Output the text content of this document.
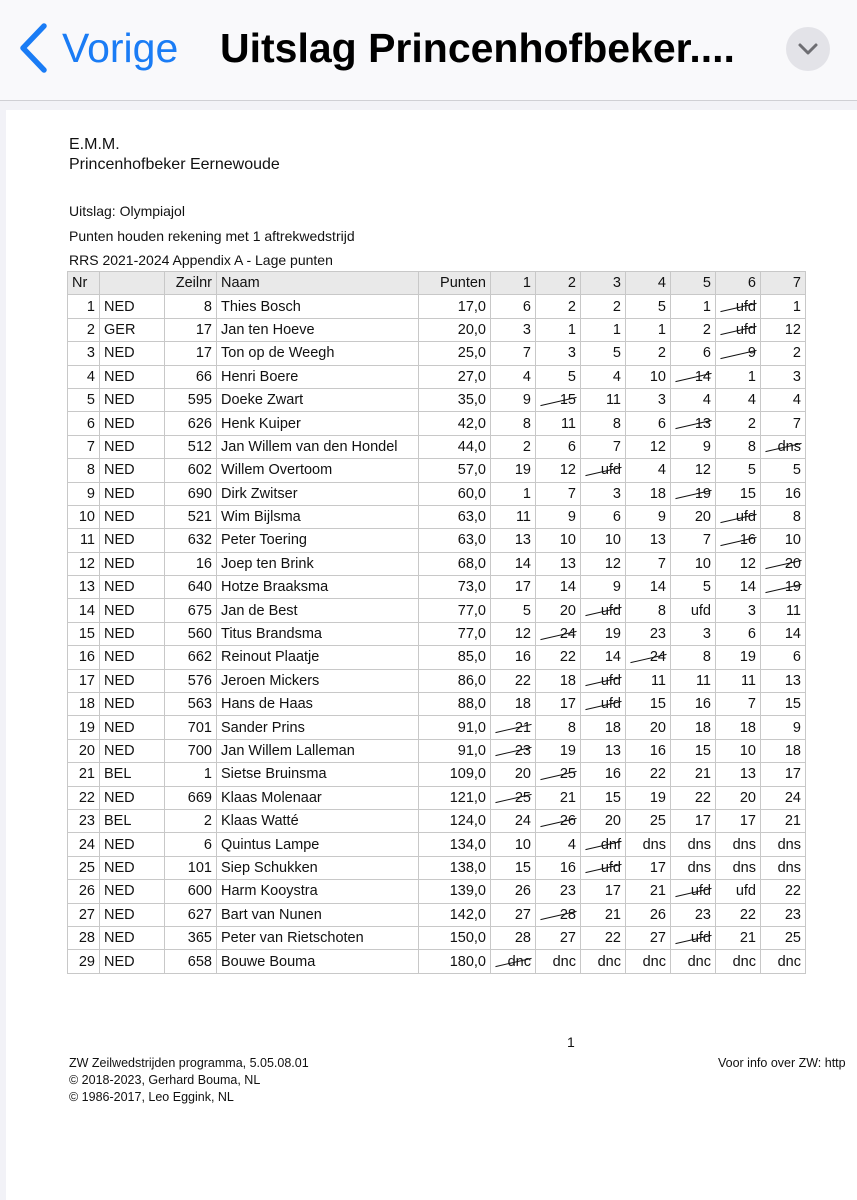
Vorige Uitslag Princenhofbeker....
E.M.M.
Princenhofbeker Eernewoude
Uitslag: Olympiajol
Punten houden rekening met 1 aftrekwedstrijd
RRS 2021-2024 Appendix A - Lage punten
Nr		Zeilnr	Naam	Punten	1	2	3	4	5	6	7
1	NED	8	Thies Bosch	17,0	6	2	2	5	1	ufd	1
2	GER	17	Jan ten Hoeve	20,0	3	1	1	1	2	ufd	12
3	NED	17	Ton op de Weegh	25,0	7	3	5	2	6	9	2
4	NED	66	Henri Boere	27,0	4	5	4	10	14	1	3
5	NED	595	Doeke Zwart	35,0	9	15	11	3	4	4	4
6	NED	626	Henk Kuiper	42,0	8	11	8	6	13	2	7
7	NED	512	Jan Willem van den Hondel	44,0	2	6	7	12	9	8	dns
8	NED	602	Willem Overtoom	57,0	19	12	ufd	4	12	5	5
9	NED	690	Dirk Zwitser	60,0	1	7	3	18	19	15	16
10	NED	521	Wim Bijlsma	63,0	11	9	6	9	20	ufd	8
11	NED	632	Peter Toering	63,0	13	10	10	13	7	16	10
12	NED	16	Joep ten Brink	68,0	14	13	12	7	10	12	20
13	NED	640	Hotze Braaksma	73,0	17	14	9	14	5	14	19
14	NED	675	Jan de Best	77,0	5	20	ufd	8	ufd	3	11
15	NED	560	Titus Brandsma	77,0	12	24	19	23	3	6	14
16	NED	662	Reinout Plaatje	85,0	16	22	14	24	8	19	6
17	NED	576	Jeroen Mickers	86,0	22	18	ufd	11	11	11	13
18	NED	563	Hans de Haas	88,0	18	17	ufd	15	16	7	15
19	NED	701	Sander Prins	91,0	21	8	18	20	18	18	9
20	NED	700	Jan Willem Lalleman	91,0	23	19	13	16	15	10	18
21	BEL	1	Sietse Bruinsma	109,0	20	25	16	22	21	13	17
22	NED	669	Klaas Molenaar	121,0	25	21	15	19	22	20	24
23	BEL	2	Klaas Watté	124,0	24	26	20	25	17	17	21
24	NED	6	Quintus Lampe	134,0	10	4	dnf	dns	dns	dns	dns
25	NED	101	Siep Schukken	138,0	15	16	ufd	17	dns	dns	dns
26	NED	600	Harm Kooystra	139,0	26	23	17	21	ufd	ufd	22
27	NED	627	Bart van Nunen	142,0	27	28	21	26	23	22	23
28	NED	365	Peter van Rietschoten	150,0	28	27	22	27	ufd	21	25
29	NED	658	Bouwe Bouma	180,0	dnc	dnc	dnc	dnc	dnc	dnc	dnc
1
ZW Zeilwedstrijden programma, 5.05.08.01
© 2018-2023, Gerhard Bouma, NL
© 1986-2017, Leo Eggink, NL
Voor info over ZW: http
